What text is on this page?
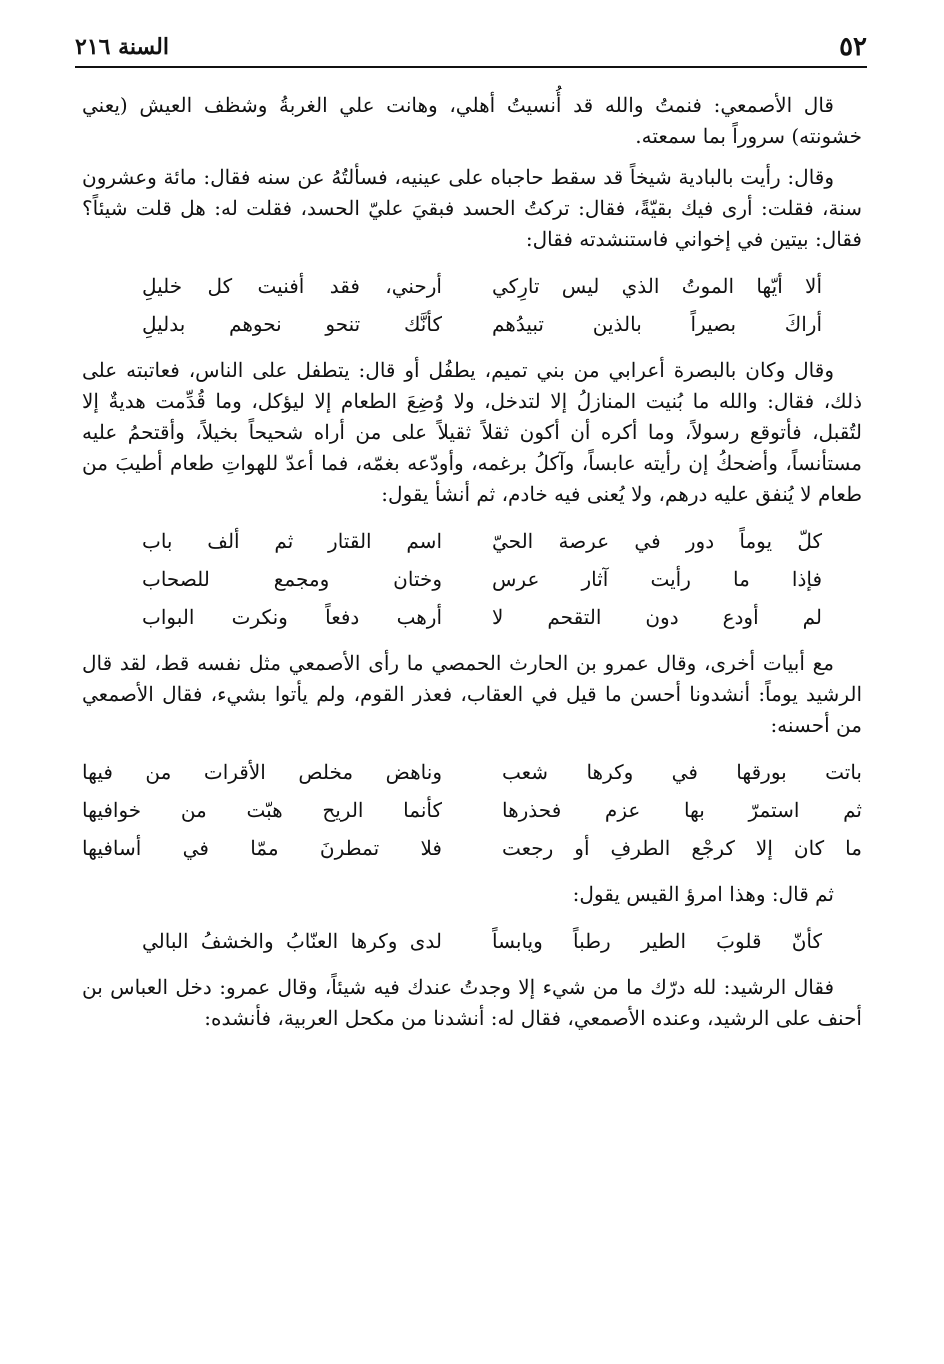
٥٢
السنة ٢١٦

قال الأصمعي: فنمتُ والله قد أُنسيتُ أهلي، وهانت علي الغربةُ وشظف العيش (يعني خشونته) سروراً بما سمعته.

وقال: رأيت بالبادية شيخاً قد سقط حاجباه على عينيه، فسألتُهُ عن سنه فقال: مائة وعشرون سنة، فقلت: أرى فيك بقيّةً، فقال: تركتُ الحسد فبقيَ عليّ الحسد، فقلت له: هل قلت شيئاً؟ فقال: بيتين في إخواني فاستنشدته فقال:

ألا أيّها الموتُ الذي ليس تارِكي
أرحني، فقد أفنيت كل خليلِ
أراكَ بصيراً بالذين تبيدُهم
كأنَّك تنحو نحوهم بدليلِ

وقال وكان بالبصرة أعرابي من بني تميم، يطفُل أو قال: يتطفل على الناس، فعاتبته على ذلك، فقال: والله ما بُنيت المنازلُ إلا لتدخل، ولا وُضِعَ الطعام إلا ليؤكل، وما قُدِّمت هديةٌ إلا لتُقبل، فأتوقع رسولاً، وما أكره أن أكون ثقلاً ثقيلاً على من أراه شحيحاً بخيلاً، وأقتحمُ عليه مستأنساً، وأضحكُ إن رأيته عابساً، وآكلُ برغمه، وأودّعه بغمّه، فما أعدّ للهواتِ طعام أطيبَ من طعام لا يُنفق عليه درهم، ولا يُعنى فيه خادم، ثم أنشأ يقول:

كلّ يوماً دور في عرصة الحيّ
اسم القتار ثم ألف باب
فإذا ما رأيت آثار عرس
وختان ومجمع للصحاب
لم أودع دون التقحم لا
أرهب دفعاً ونكرت البواب

مع أبيات أخرى، وقال عمرو بن الحارث الحمصي ما رأى الأصمعي مثل نفسه قط، لقد قال الرشيد يوماً: أنشدونا أحسن ما قيل في العقاب، فعذر القوم، ولم يأتوا بشيء، فقال الأصمعي من أحسنه:

باتت بورقها في وكرها شعب
وناهض مخلص الأقرات من فيها
ثم استمرّ بها عزم فحذرها
كأنما الريح هبّت من خوافيها
ما كان إلا كرجْع الطرفِ أو رجعت
فلا تمطرنَ ممّا في أسافيها

ثم قال: وهذا امرؤ القيس يقول:

كأنّ قلوبَ الطير رطباً ويابساً
لدى وكرها العنّابُ والخشفُ البالي

فقال الرشيد: لله درّك ما من شيء إلا وجدتُ عندك فيه شيئاً، وقال عمرو: دخل العباس بن أحنف على الرشيد، وعنده الأصمعي، فقال له: أنشدنا من مكحل العربية، فأنشده:
